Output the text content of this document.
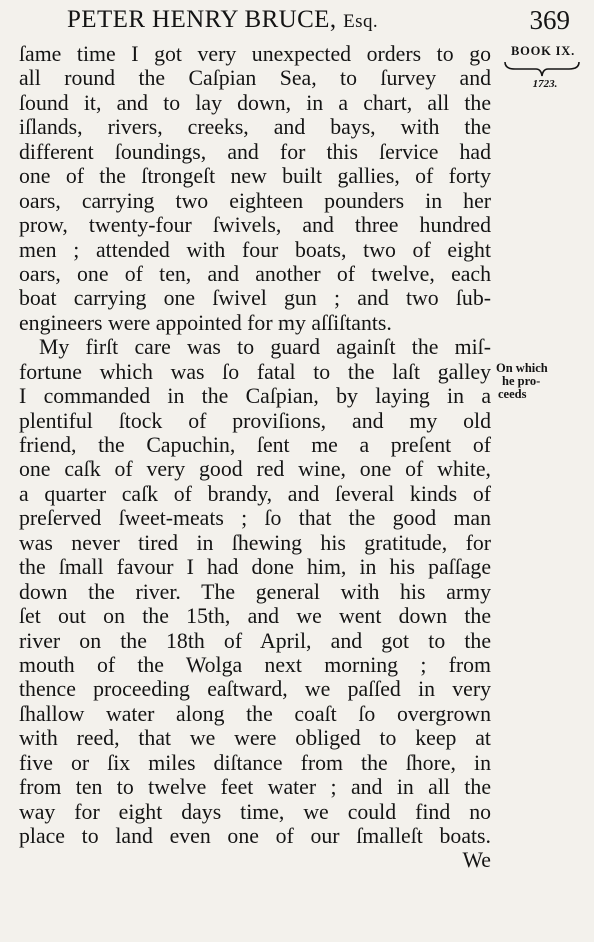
PETER HENRY BRUCE, Esq.	369
BOOK IX.
1723.
On which
he pro-
ceeds
ſame time I got very unexpected orders to go
all round the Caſpian Sea, to ſurvey and
ſound it, and to lay down, in a chart, all the
iſlands, rivers, creeks, and bays, with the
different ſoundings, and for this ſervice had
one of the ſtrongeſt new built gallies, of forty
oars, carrying two eighteen pounders in her
prow, twenty-four ſwivels, and three hundred
men ; attended with four boats, two of eight
oars, one of ten, and another of twelve, each
boat carrying one ſwivel gun ; and two ſub-
engineers were appointed for my aſſiſtants.
My firſt care was to guard againſt the miſ-
fortune which was ſo fatal to the laſt galley
I commanded in the Caſpian, by laying in a
plentiful ſtock of proviſions, and my old
friend, the Capuchin, ſent me a preſent of
one caſk of very good red wine, one of white,
a quarter caſk of brandy, and ſeveral kinds of
preſerved ſweet-meats ; ſo that the good man
was never tired in ſhewing his gratitude, for
the ſmall favour I had done him, in his paſſage
down the river. The general with his army
ſet out on the 15th, and we went down the
river on the 18th of April, and got to the
mouth of the Wolga next morning ; from
thence proceeding eaſtward, we paſſed in very
ſhallow water along the coaſt ſo overgrown
with reed, that we were obliged to keep at
five or ſix miles diſtance from the ſhore, in
from ten to twelve feet water ; and in all the
way for eight days time, we could find no
place to land even one of our ſmalleſt boats.
We
